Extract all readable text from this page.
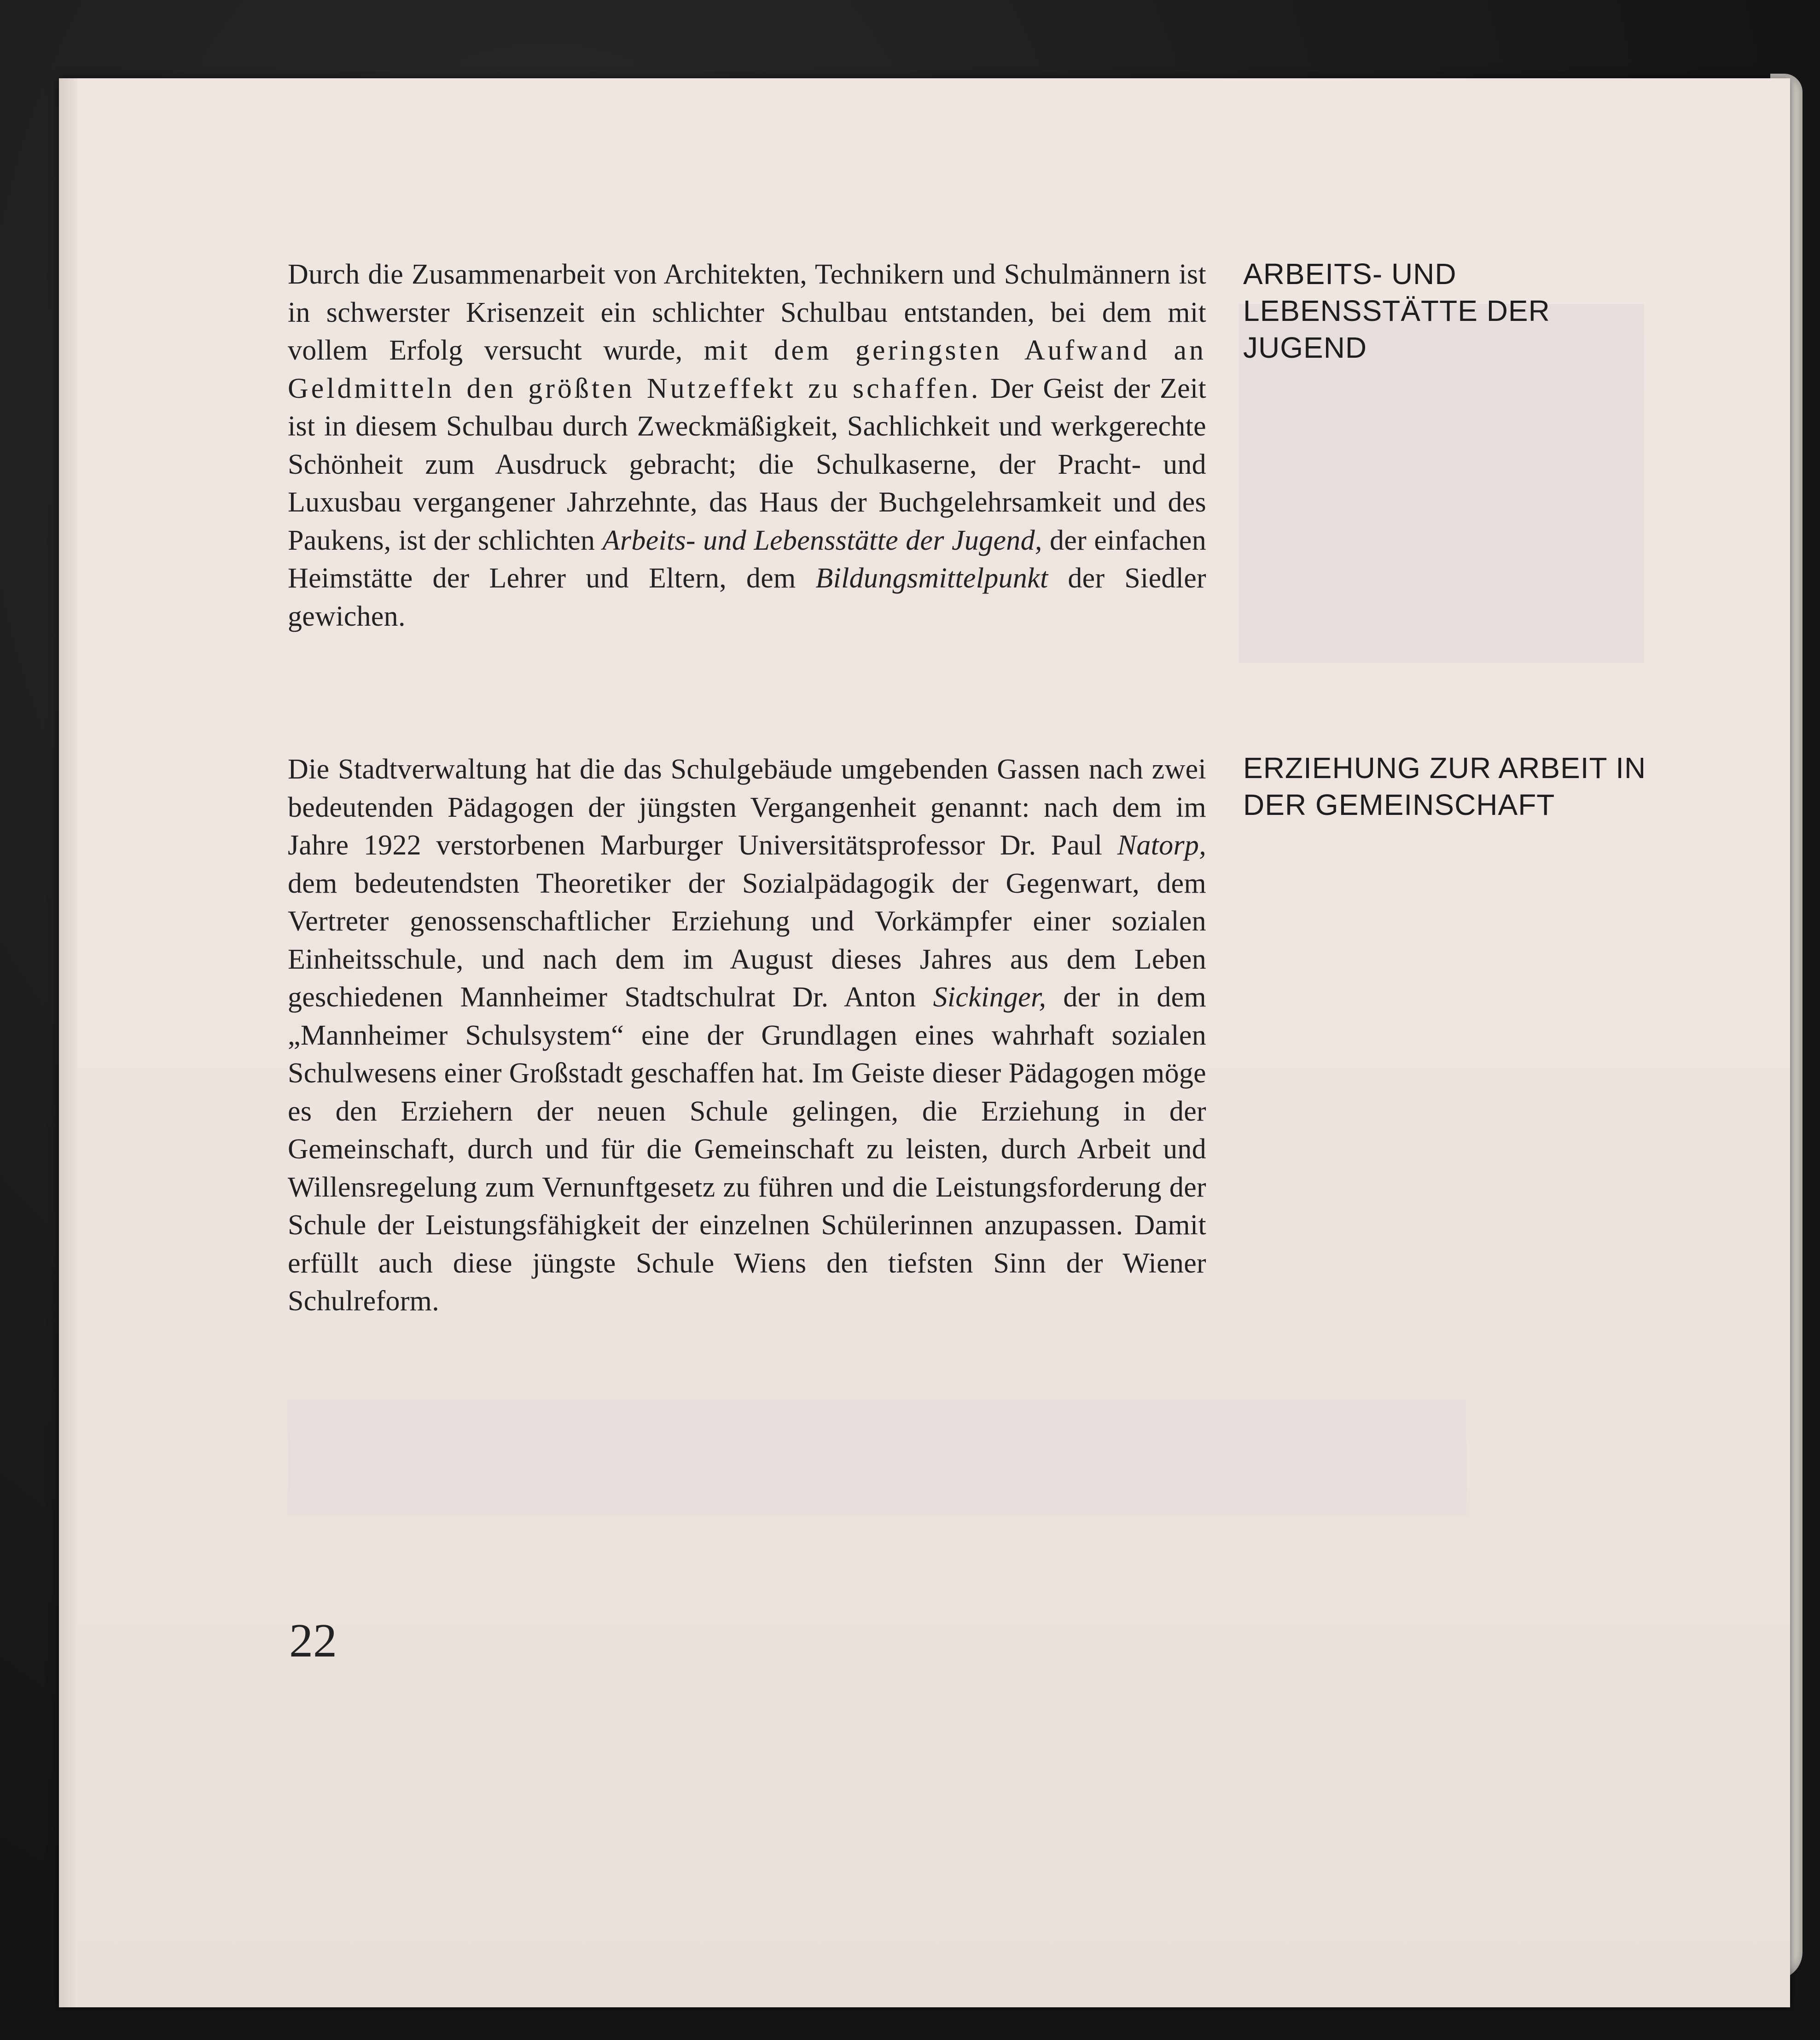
Durch die Zusammenarbeit von Architekten, Technikern und Schulmännern ist in schwerster Krisenzeit ein schlichter Schulbau entstanden, bei dem mit vollem Erfolg versucht wurde, mit dem geringsten Aufwand an Geldmitteln den größten Nutzeffekt zu schaffen. Der Geist der Zeit ist in diesem Schulbau durch Zweckmäßigkeit, Sachlichkeit und werkgerechte Schönheit zum Ausdruck gebracht; die Schulkaserne, der Pracht- und Luxusbau vergangener Jahrzehnte, das Haus der Buchgelehrsamkeit und des Paukens, ist der schlichten Arbeits- und Lebensstätte der Jugend, der einfachen Heimstätte der Lehrer und Eltern, dem Bildungsmittelpunkt der Siedler gewichen.

Die Stadtverwaltung hat die das Schulgebäude umgebenden Gassen nach zwei bedeutenden Pädagogen der jüngsten Vergangenheit genannt: nach dem im Jahre 1922 verstorbenen Marburger Universitätsprofessor Dr. Paul Natorp, dem bedeutendsten Theoretiker der Sozialpädagogik der Gegenwart, dem Vertreter genossenschaftlicher Erziehung und Vorkämpfer einer sozialen Einheitsschule, und nach dem im August dieses Jahres aus dem Leben geschiedenen Mannheimer Stadtschulrat Dr. Anton Sickinger, der in dem „Mannheimer Schulsystem“ eine der Grundlagen eines wahrhaft sozialen Schulwesens einer Großstadt geschaffen hat. Im Geiste dieser Pädagogen möge es den Erziehern der neuen Schule gelingen, die Erziehung in der Gemeinschaft, durch und für die Gemeinschaft zu leisten, durch Arbeit und Willensregelung zum Vernunftgesetz zu führen und die Leistungsforderung der Schule der Leistungsfähigkeit der einzelnen Schülerinnen anzupassen. Damit erfüllt auch diese jüngste Schule Wiens den tiefsten Sinn der Wiener Schulreform.

ARBEITS- UND LEBENSSTÄTTE DER JUGEND
ERZIEHUNG ZUR ARBEIT IN DER GEMEINSCHAFT
22
